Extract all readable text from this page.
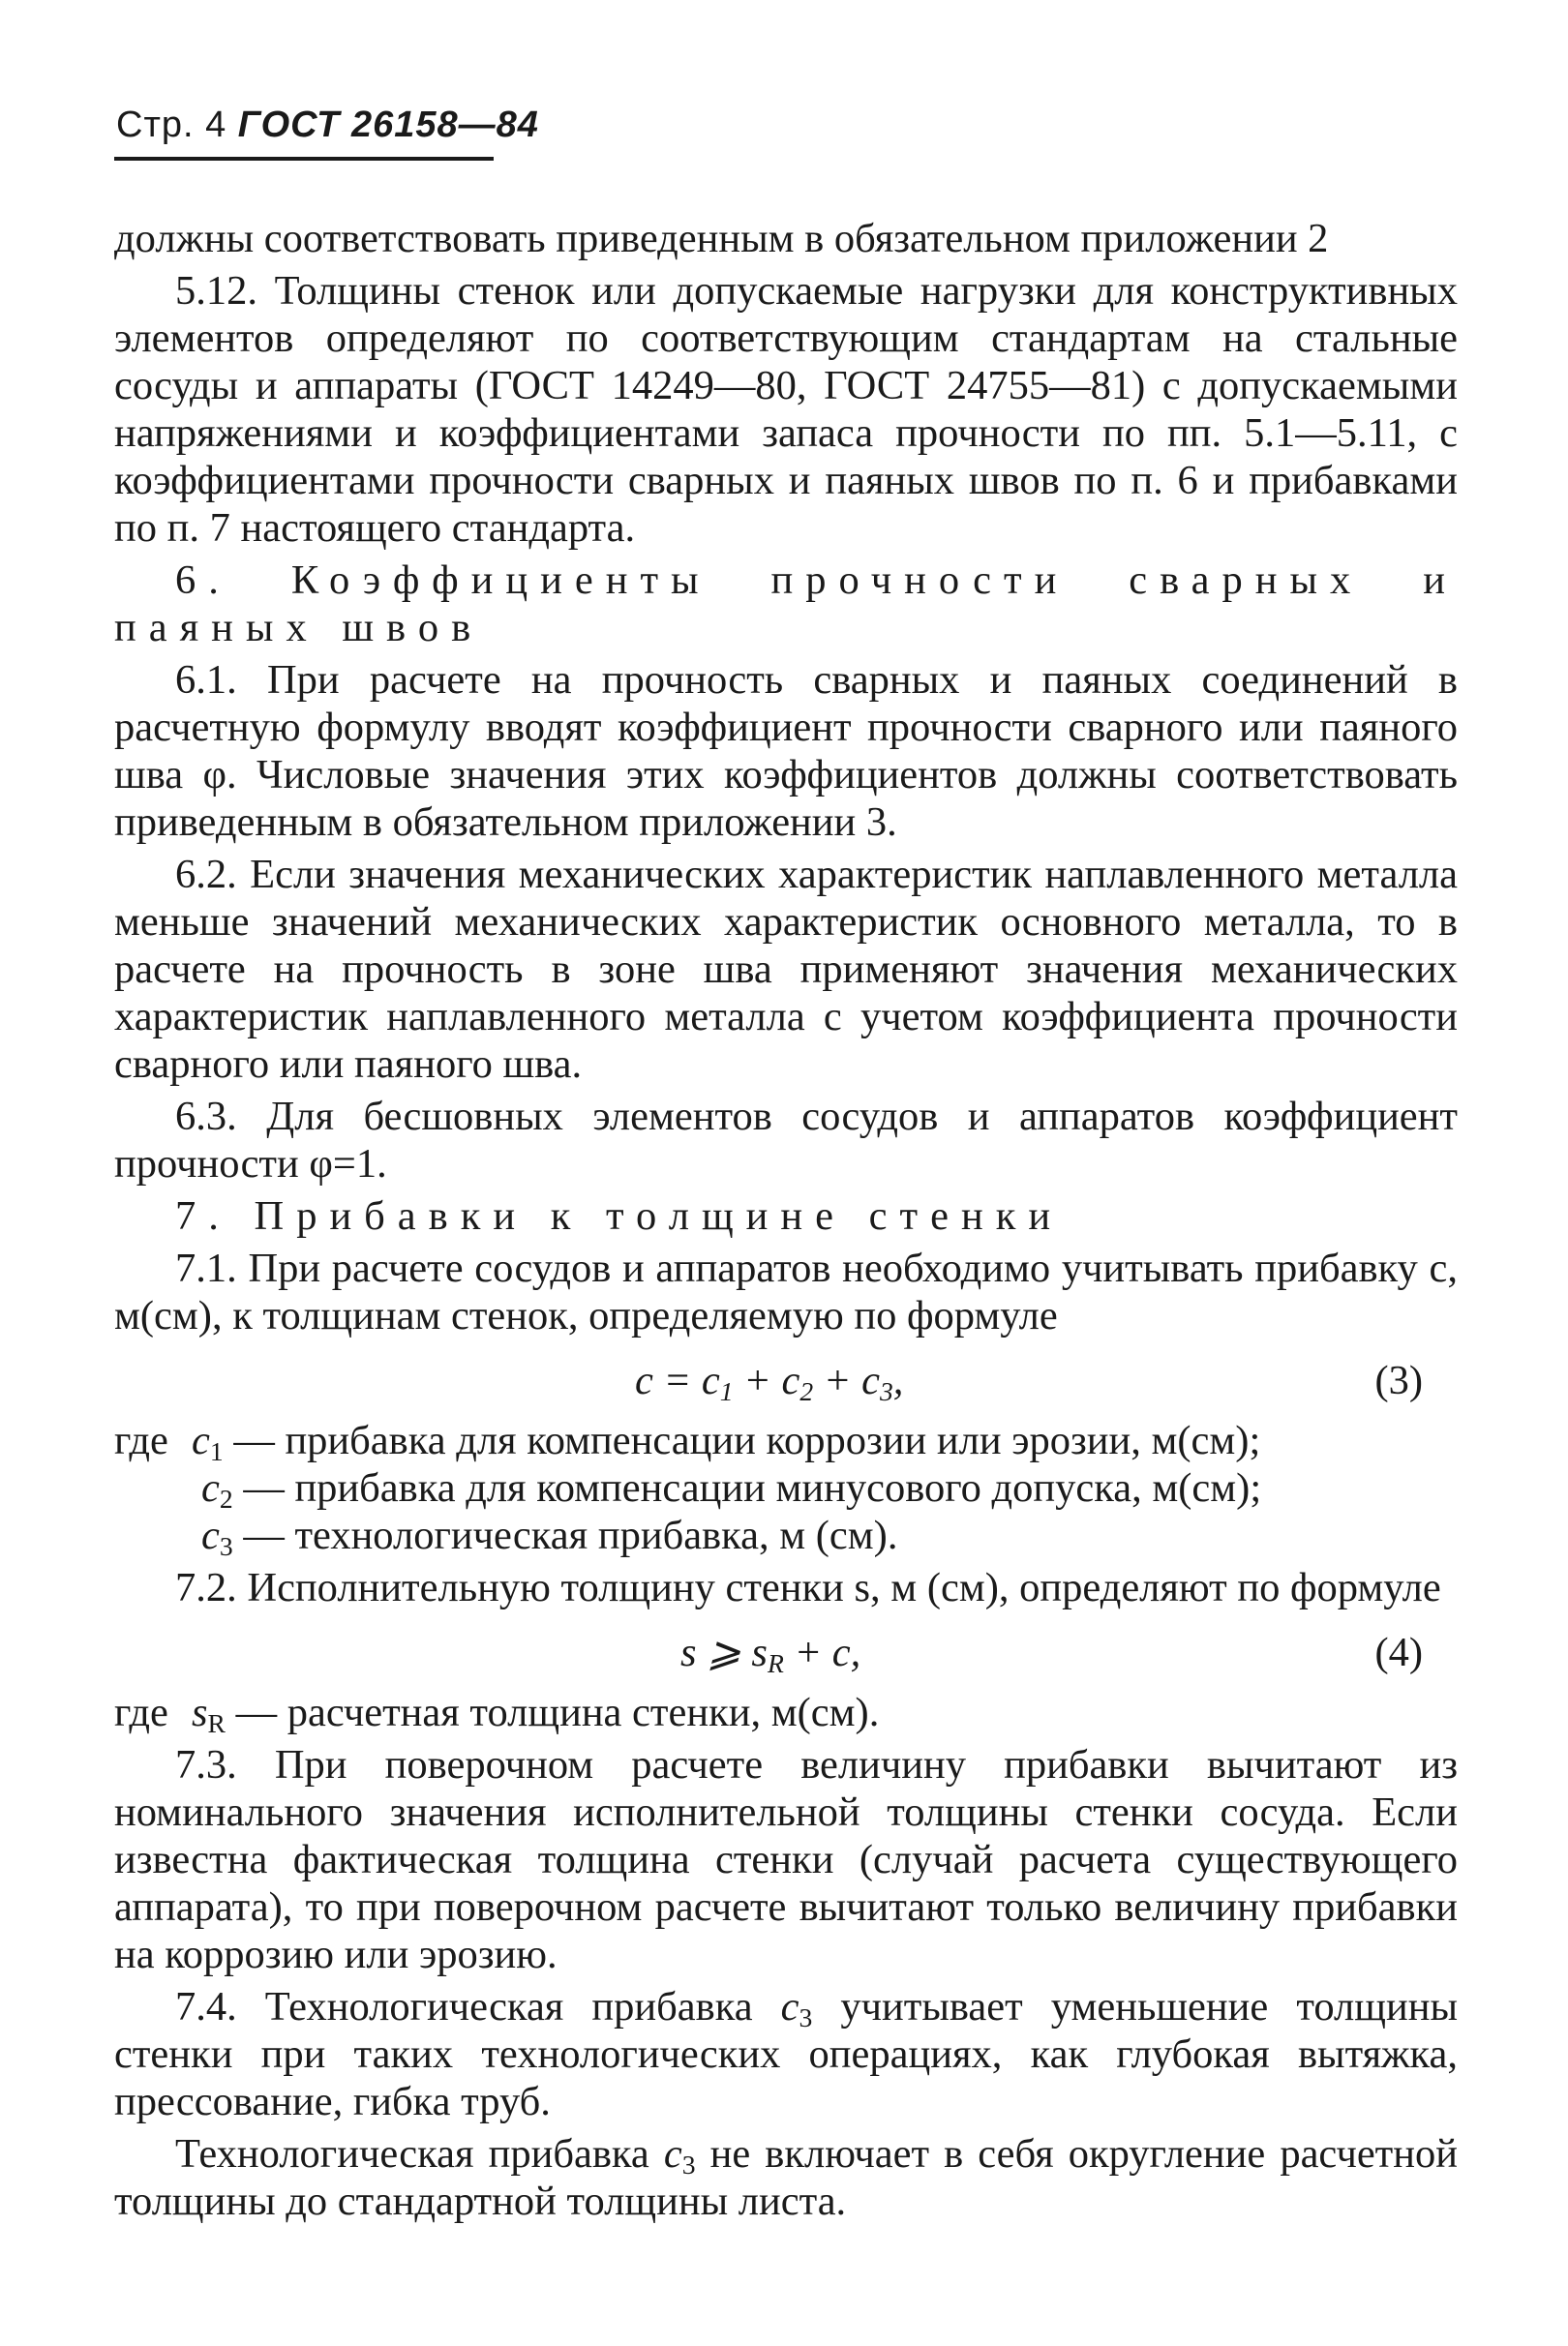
Стр. 4 ГОСТ 26158—84

должны соответствовать приведенным в обязательном приложении 2

5.12. Толщины стенок или допускаемые нагрузки для конструктивных элементов определяют по соответствующим стандартам на стальные сосуды и аппараты (ГОСТ 14249—80, ГОСТ 24755—81) с допускаемыми напряжениями и коэффициентами запаса прочности по пп. 5.1—5.11, с коэффициентами прочности сварных и паяных швов по п. 6 и прибавками по п. 7 настоящего стандарта.

6. Коэффициенты прочности сварных и паяных швов

6.1. При расчете на прочность сварных и паяных соединений в расчетную формулу вводят коэффициент прочности сварного или паяного шва φ. Числовые значения этих коэффициентов должны соответствовать приведенным в обязательном приложении 3.

6.2. Если значения механических характеристик наплавленного металла меньше значений механических характеристик основного металла, то в расчете на прочность в зоне шва применяют значения механических характеристик наплавленного металла с учетом коэффициента прочности сварного или паяного шва.

6.3. Для бесшовных элементов сосудов и аппаратов коэффициент прочности φ=1.

7. Прибавки к толщине стенки

7.1. При расчете сосудов и аппаратов необходимо учитывать прибавку с, м(см), к толщинам стенок, определяемую по формуле

$c = c_1 + c_2 + c_3$,	(3)

где $c_1$ — прибавка для компенсации коррозии или эрозии, м(см);

$c_2$ — прибавка для компенсации минусового допуска, м(см);

$c_3$ — технологическая прибавка, м (см).

7.2. Исполнительную толщину стенки s, м (см), определяют по формуле

s ⩾ $s_R + c$,	(4)

где $s_R$ — расчетная толщина стенки, м(см).

7.3. При поверочном расчете величину прибавки вычитают из номинального значения исполнительной толщины стенки сосуда. Если известна фактическая толщина стенки (случай расчета существующего аппарата), то при поверочном расчете вычитают только величину прибавки на коррозию или эрозию.

7.4. Технологическая прибавка $c_3$ учитывает уменьшение толщины стенки при таких технологических операциях, как глубокая вытяжка, прессование, гибка труб.

Технологическая прибавка $c_3$ не включает в себя округление расчетной толщины до стандартной толщины листа.
